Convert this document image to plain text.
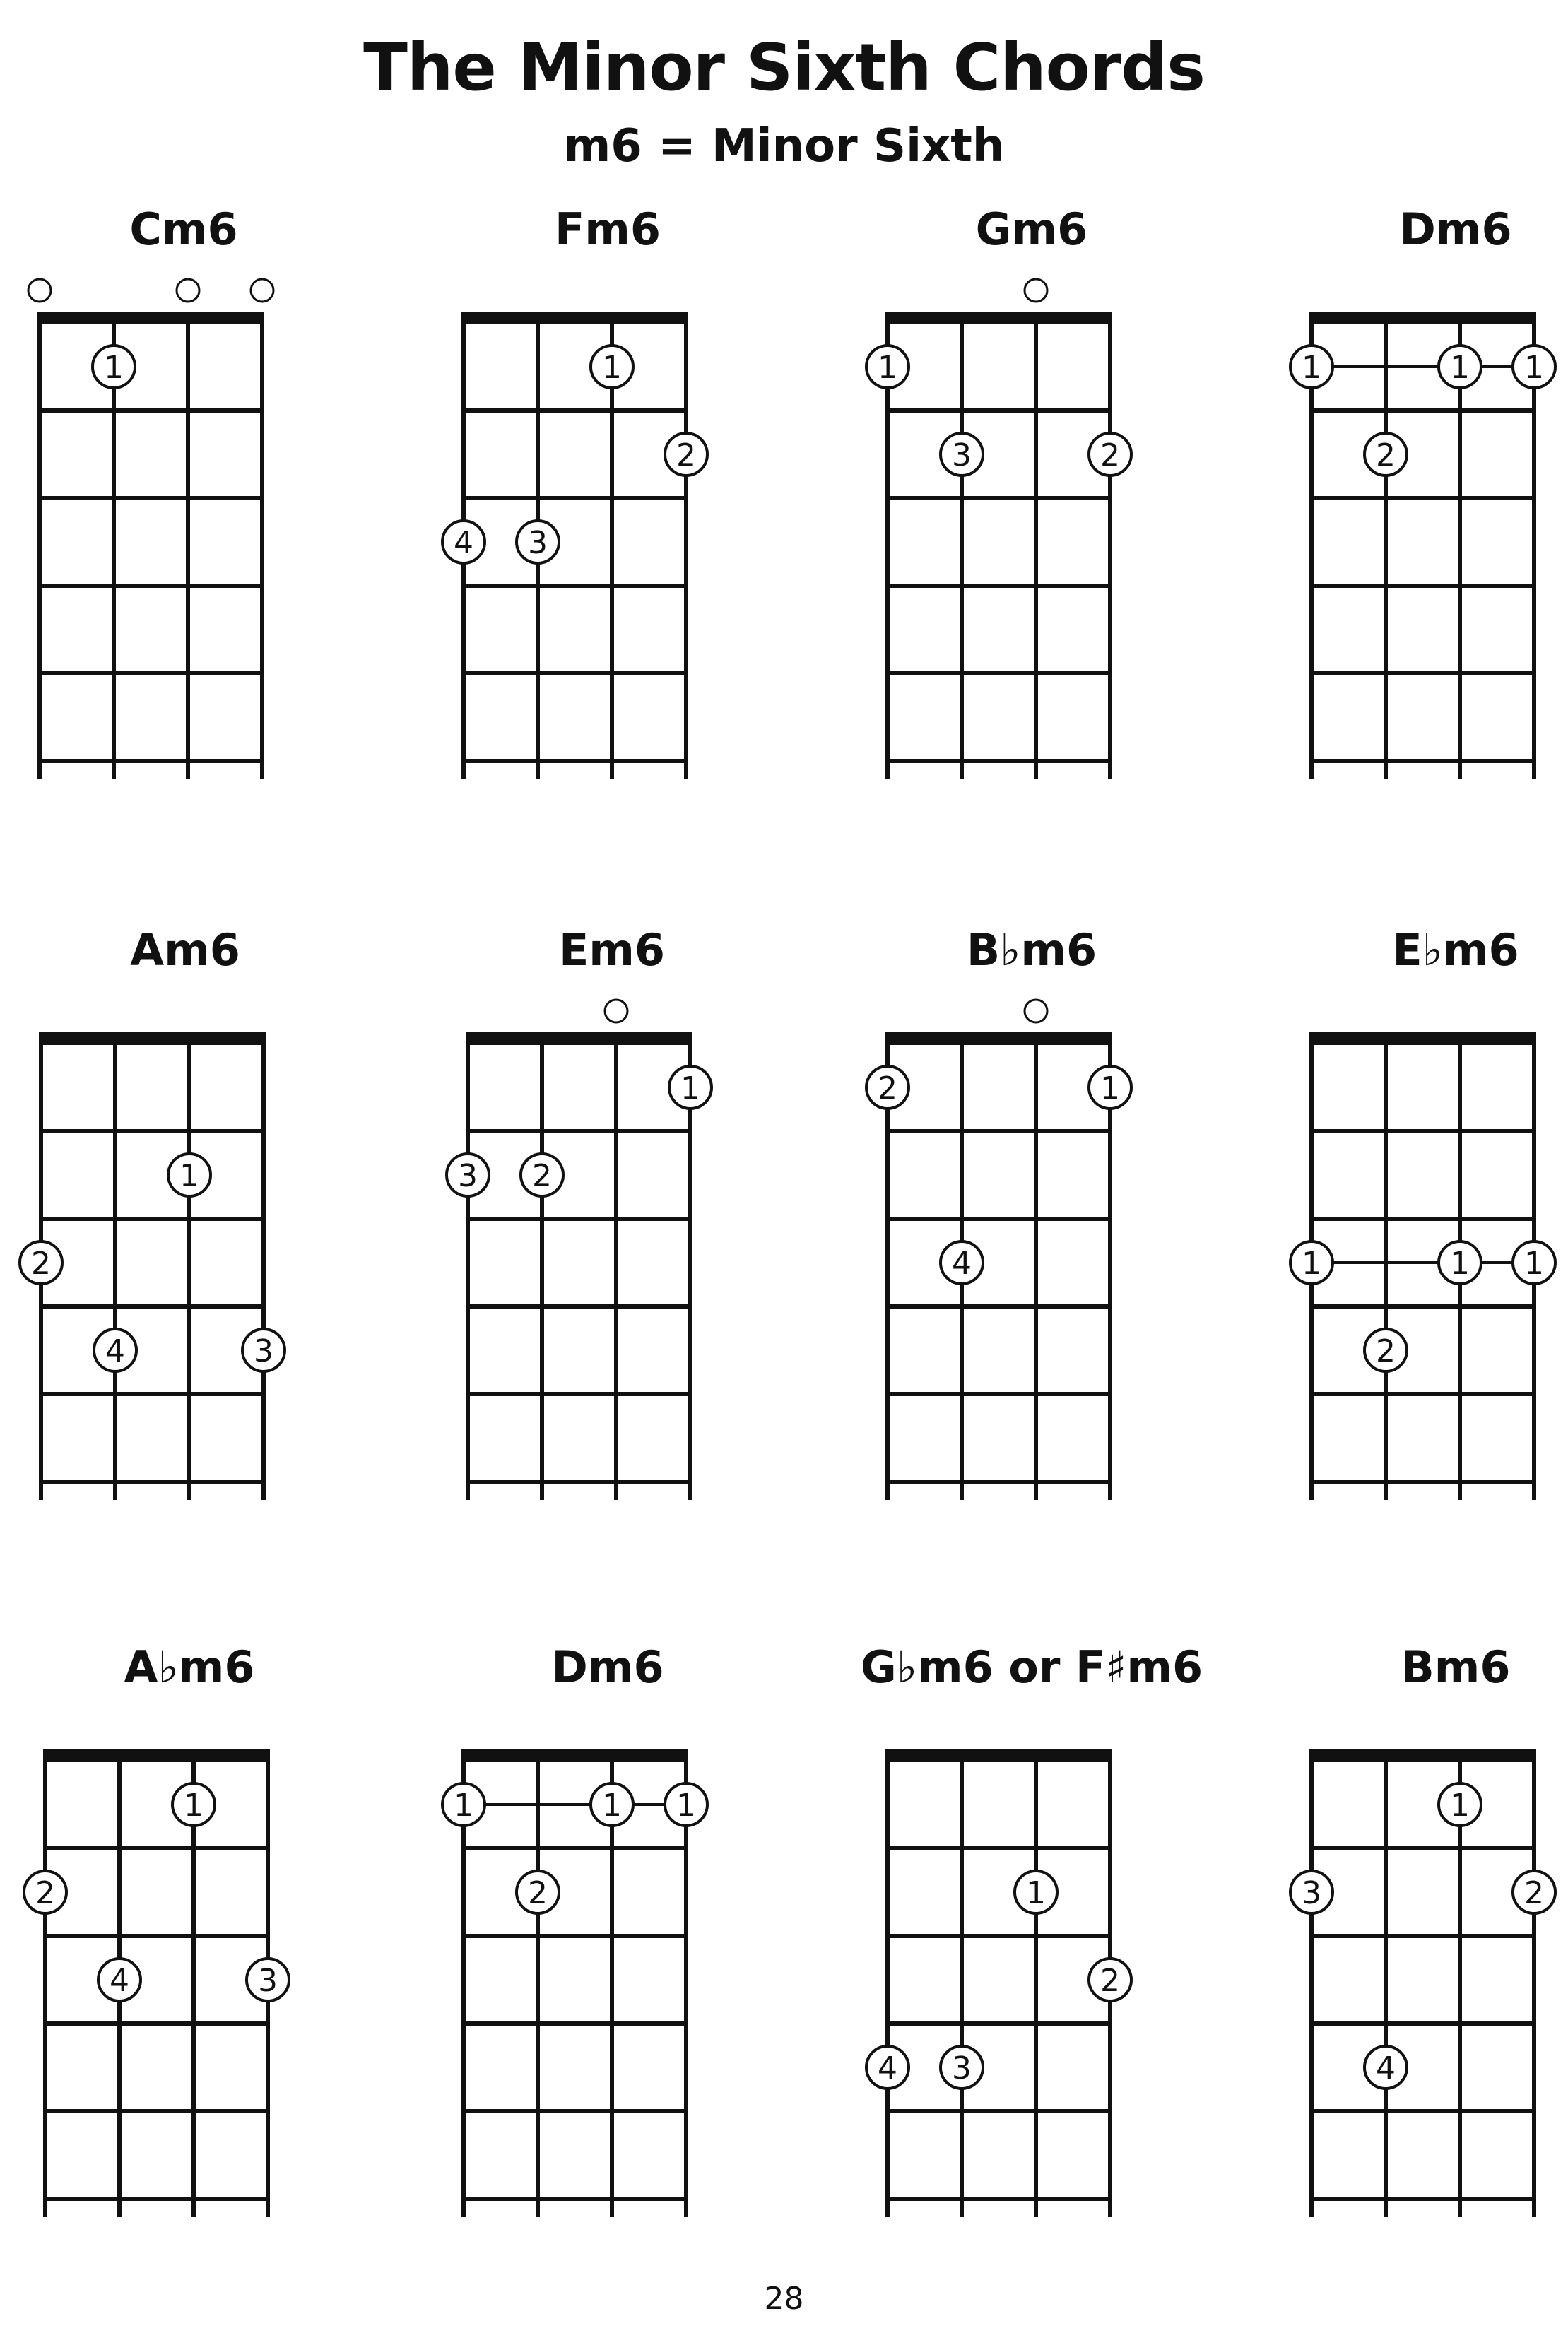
The Minor Sixth Chords
m6 = Minor Sixth
Cm6
1
Fm6
1
2
4 3
Gm6
1
3	2
Dm6
1	1 1
2
Am6
1
2
4	3
Em6
1
3 2
B♭m6
2	1
4
E♭m6
1	1 1
2
A♭m6
1
2
4	3
Dm6
1	1 1
2
G♭m6 or F♯m6
1
2
4 3
Bm6
1
3	2
4
28
